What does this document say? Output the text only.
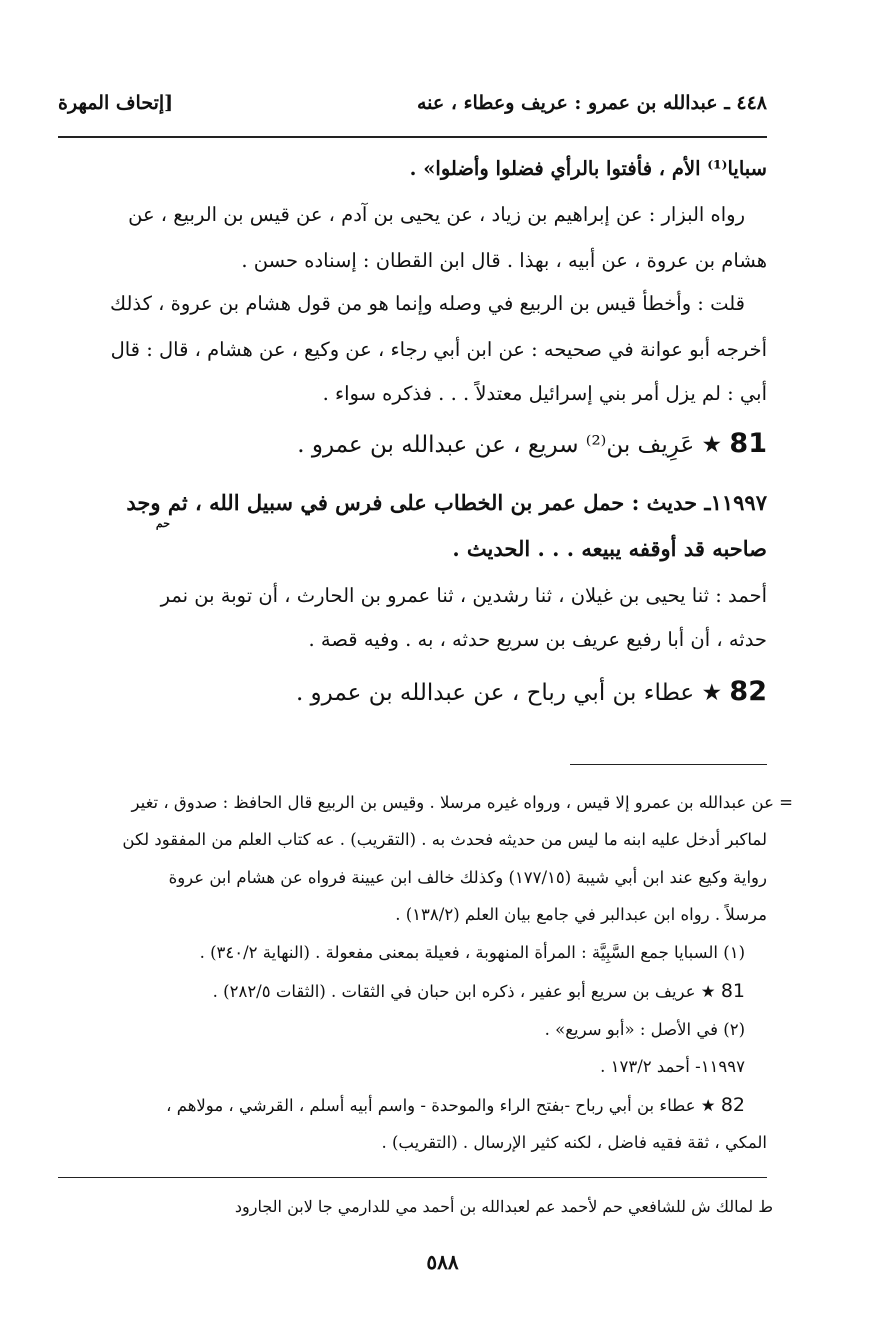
[إتحاف المهرة	٤٤٨ ـ عبدالله بن عمرو : عريف وعطاء ، عنه
سبايا⁽¹⁾ الأم ، فأفتوا بالرأي فضلوا وأضلوا» .
رواه البزار : عن إبراهيم بن زياد ، عن يحيى بن آدم ، عن قيس بن الربيع ، عن
هشام بن عروة ، عن أبيه ، بهذا . قال ابن القطان : إسناده حسن .
قلت : وأخطأ قيس بن الربيع في وصله وإنما هو من قول هشام بن عروة ، كذلك
أخرجه أبو عوانة في صحيحه : عن ابن أبي رجاء ، عن وكيع ، عن هشام ، قال : قال
أبي : لم يزل أمر بني إسرائيل معتدلاً . . . فذكره سواء .
81 ★ عَرِيف بن⁽²⁾ سريع ، عن عبدالله بن عمرو .
١١٩٩٧ـ حديث : حمل عمر بن الخطاب على فرس في سبيل الله ، ثم وجد
حم
صاحبه قد أوقفه يبيعه . . . الحديث .
أحمد : ثنا يحيى بن غيلان ، ثنا رشدين ، ثنا عمرو بن الحارث ، أن توبة بن نمر
حدثه ، أن أبا رفيع عريف بن سريع حدثه ، به . وفيه قصة .
82 ★ عطاء بن أبي رباح ، عن عبدالله بن عمرو .
= عن عبدالله بن عمرو إلا قيس ، ورواه غيره مرسلا . وقيس بن الربيع قال الحافظ : صدوق ، تغير
لماكبر أدخل عليه ابنه ما ليس من حديثه فحدث به . (التقريب) . عه كتاب العلم من المفقود لكن
رواية وكيع عند ابن أبي شيبة (١٧٧/١٥) وكذلك خالف ابن عيينة فرواه عن هشام ابن عروة
مرسلاً . رواه ابن عبدالبر في جامع بيان العلم (١٣٨/٢) .
(١) السبايا جمع السَّبِيَّة : المرأة المنهوبة ، فعيلة بمعنى مفعولة . (النهاية ٣٤٠/٢) .
81 ★ عريف بن سريع أبو عفير ، ذكره ابن حبان في الثقات . (الثقات ٢٨٢/٥) .
(٢) في الأصل : «أبو سريع» .
١١٩٩٧- أحمد ١٧٣/٢ .
82 ★ عطاء بن أبي رباح -بفتح الراء والموحدة - واسم أبيه أسلم ، القرشي ، مولاهم ،
المكي ، ثقة فقيه فاضل ، لكنه كثير الإرسال . (التقريب) .
ط لمالك ش للشافعي حم لأحمد عم لعبدالله بن أحمد مي للدارمي جا لابن الجارود
٥٨٨
